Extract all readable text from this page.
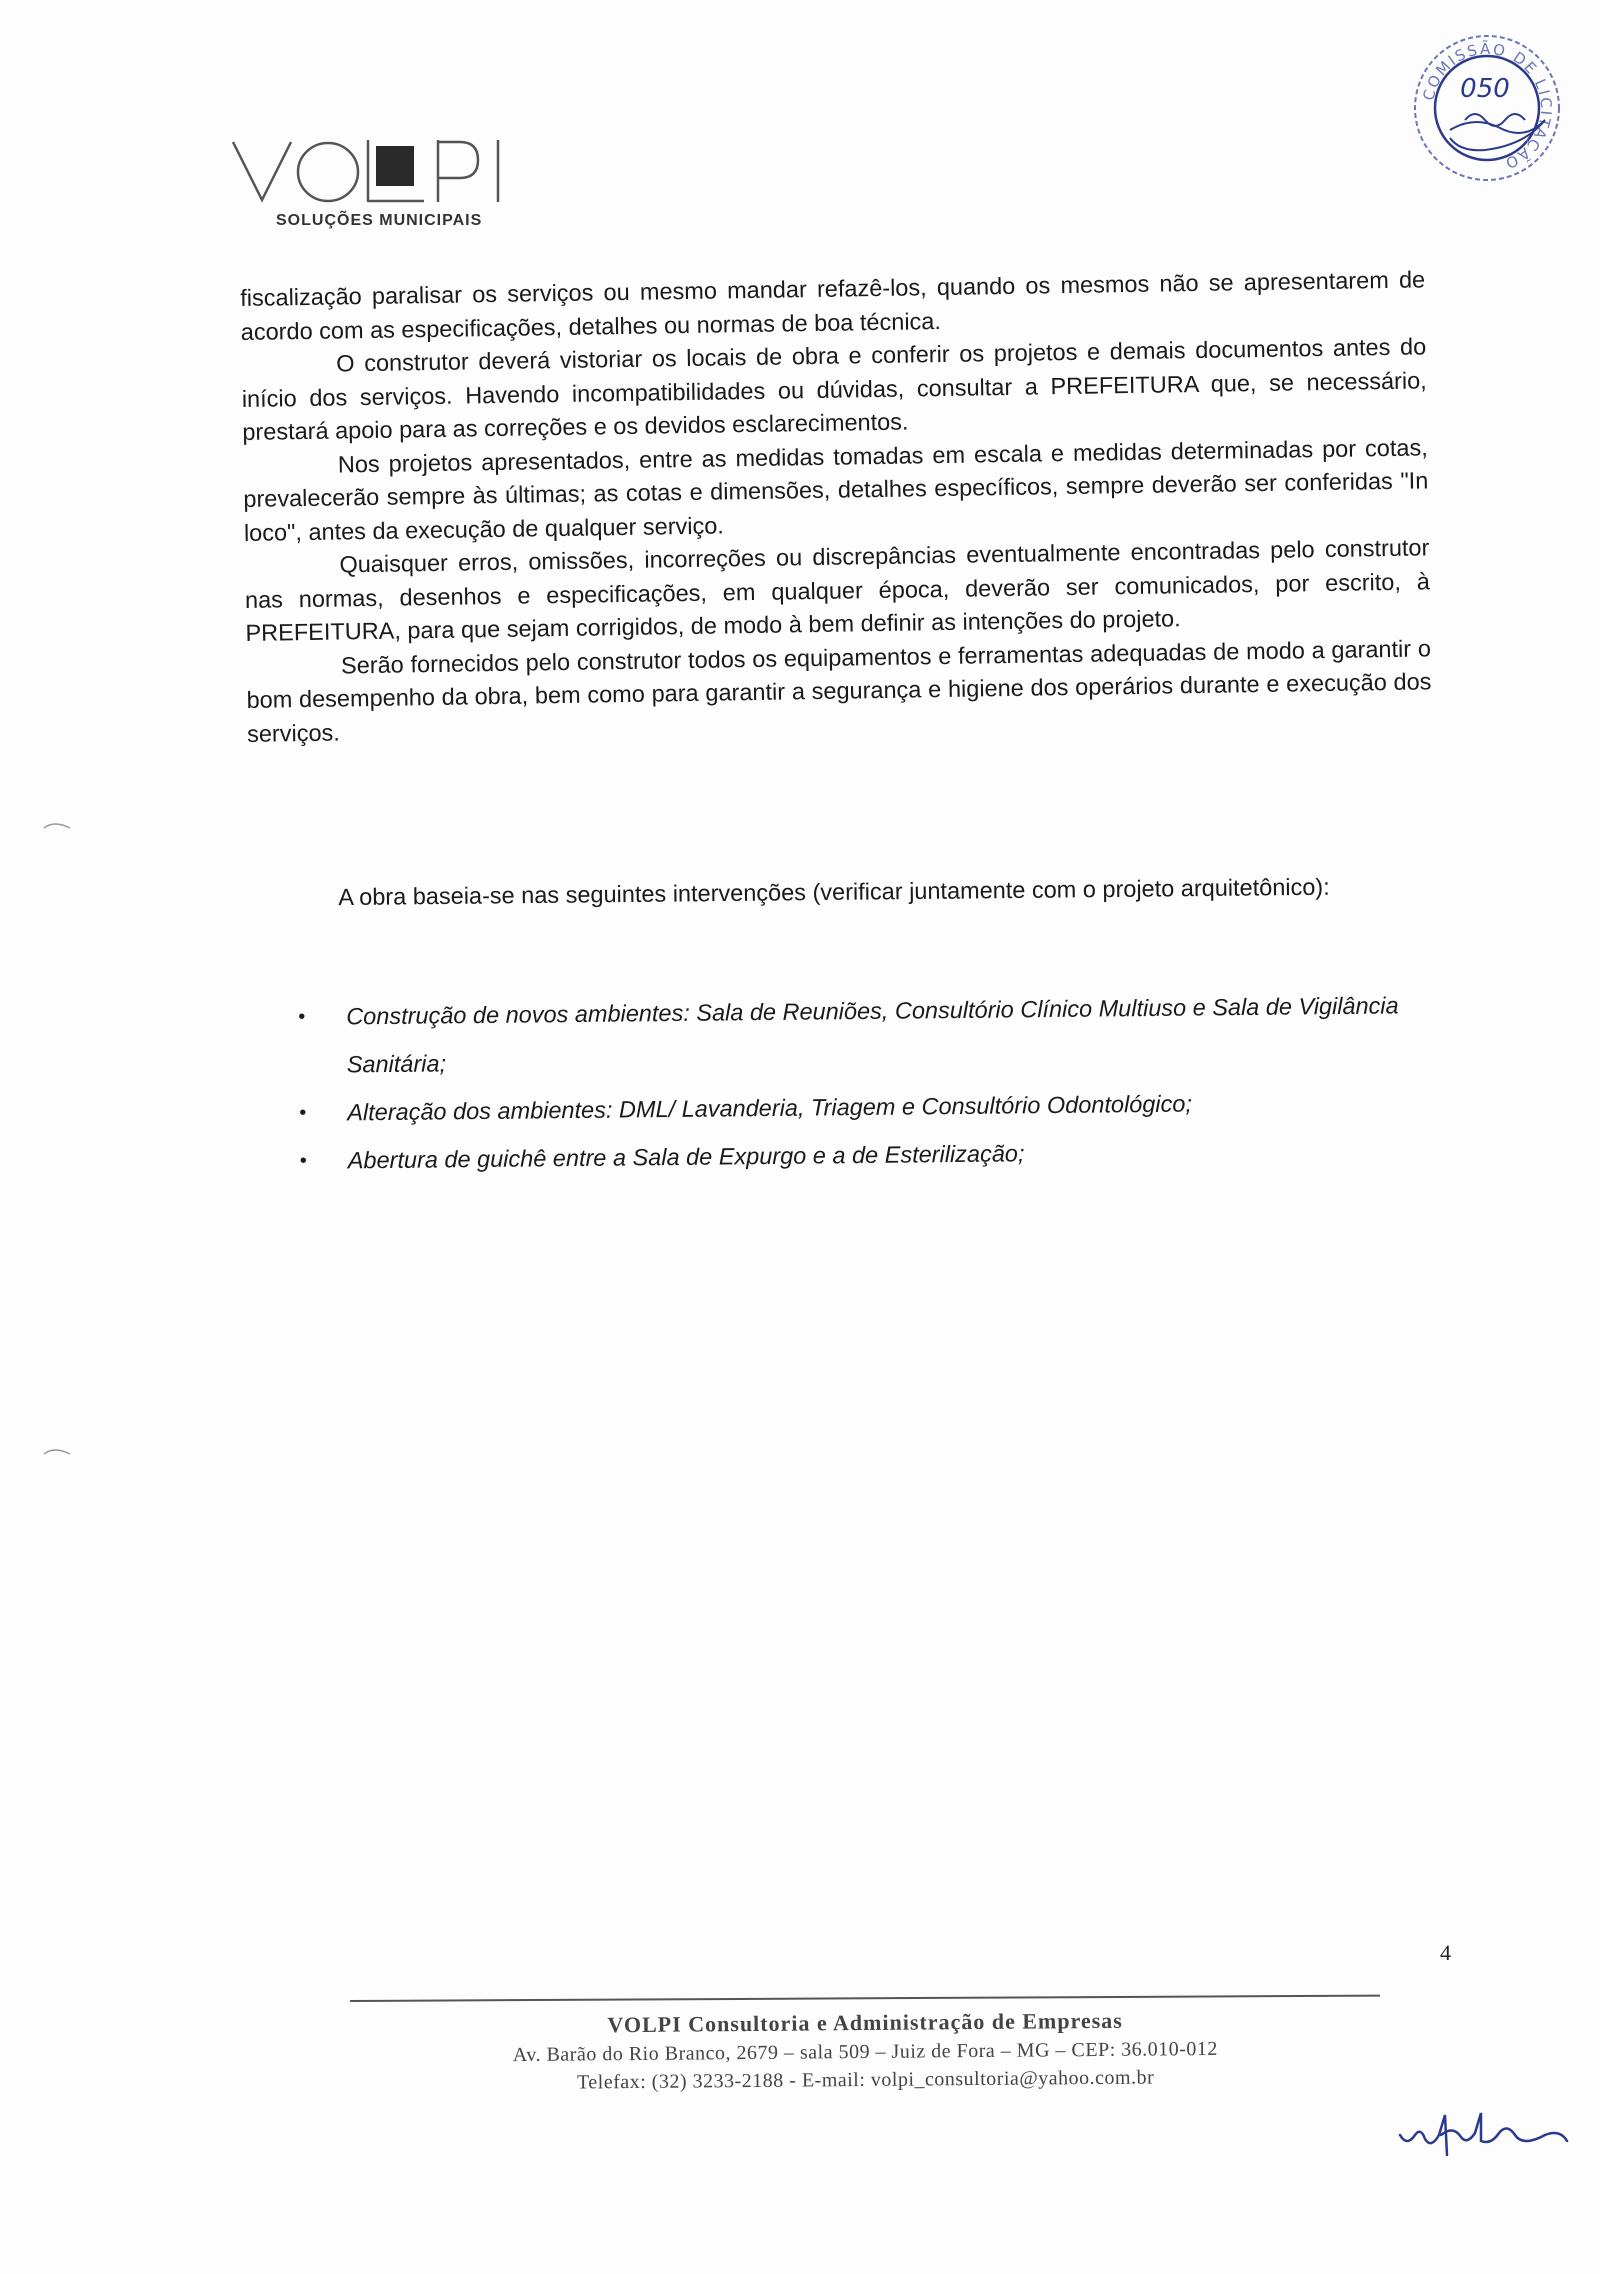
SOLUÇÕES MUNICIPAIS
COMISSÃO DE LICITAÇÃO
050

fiscalização paralisar os serviços ou mesmo mandar refazê-los, quando os mesmos não se apresentarem de acordo com as especificações, detalhes ou normas de boa técnica.

O construtor deverá vistoriar os locais de obra e conferir os projetos e demais documentos antes do início dos serviços. Havendo incompatibilidades ou dúvidas, consultar a PREFEITURA que, se necessário, prestará apoio para as correções e os devidos esclarecimentos.

Nos projetos apresentados, entre as medidas tomadas em escala e medidas determinadas por cotas, prevalecerão sempre às últimas; as cotas e dimensões, detalhes específicos, sempre deverão ser conferidas "In loco", antes da execução de qualquer serviço.

Quaisquer erros, omissões, incorreções ou discrepâncias eventualmente encontradas pelo construtor nas normas, desenhos e especificações, em qualquer época, deverão ser comunicados, por escrito, à PREFEITURA, para que sejam corrigidos, de modo à bem definir as intenções do projeto.

Serão fornecidos pelo construtor todos os equipamentos e ferramentas adequadas de modo a garantir o bom desempenho da obra, bem como para garantir a segurança e higiene dos operários durante e execução dos serviços.

A obra baseia-se nas seguintes intervenções (verificar juntamente com o projeto arquitetônico):
• Construção de novos ambientes: Sala de Reuniões, Consultório Clínico Multiuso e Sala de Vigilância Sanitária;
• Alteração dos ambientes: DML/ Lavanderia, Triagem e Consultório Odontológico;
• Abertura de guichê entre a Sala de Expurgo e a de Esterilização;
4
VOLPI Consultoria e Administração de Empresas
Av. Barão do Rio Branco, 2679 – sala 509 – Juiz de Fora – MG – CEP: 36.010-012
Telefax: (32) 3233-2188 - E-mail: volpi_consultoria@yahoo.com.br
